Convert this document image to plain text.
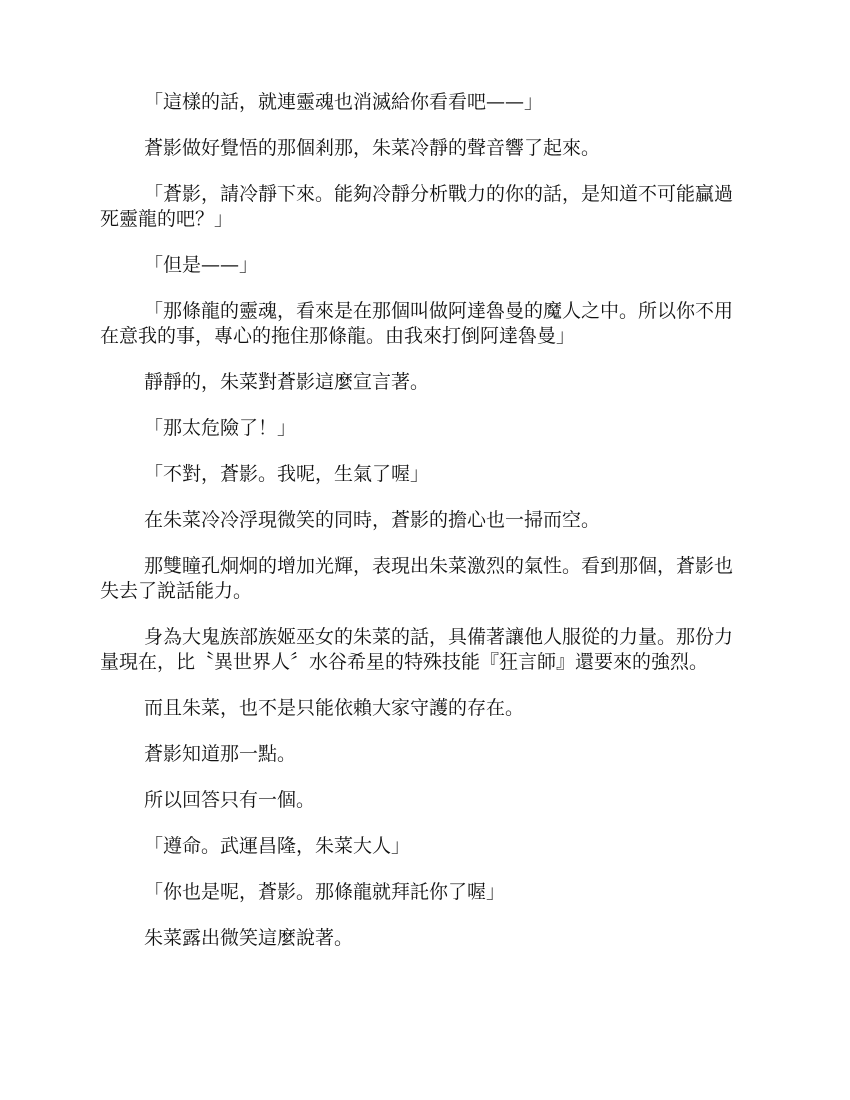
「這樣的話，就連靈魂也消滅給你看看吧——」

蒼影做好覺悟的那個剎那，朱菜冷靜的聲音響了起來。

「蒼影，請冷靜下來。能夠冷靜分析戰力的你的話，是知道不可能贏過死靈龍的吧？」

「但是——」

「那條龍的靈魂，看來是在那個叫做阿達魯曼的魔人之中。所以你不用在意我的事，專心的拖住那條龍。由我來打倒阿達魯曼」

靜靜的，朱菜對蒼影這麼宣言著。

「那太危險了！」

「不對，蒼影。我呢，生氣了喔」

在朱菜冷冷浮現微笑的同時，蒼影的擔心也一掃而空。

那雙瞳孔炯炯的增加光輝，表現出朱菜激烈的氣性。看到那個，蒼影也失去了說話能力。

身為大鬼族部族姬巫女的朱菜的話，具備著讓他人服從的力量。那份力量現在，比〝異世界人〞水谷希星的特殊技能『狂言師』還要來的強烈。

而且朱菜，也不是只能依賴大家守護的存在。

蒼影知道那一點。

所以回答只有一個。

「遵命。武運昌隆，朱菜大人」

「你也是呢，蒼影。那條龍就拜託你了喔」

朱菜露出微笑這麼說著。
